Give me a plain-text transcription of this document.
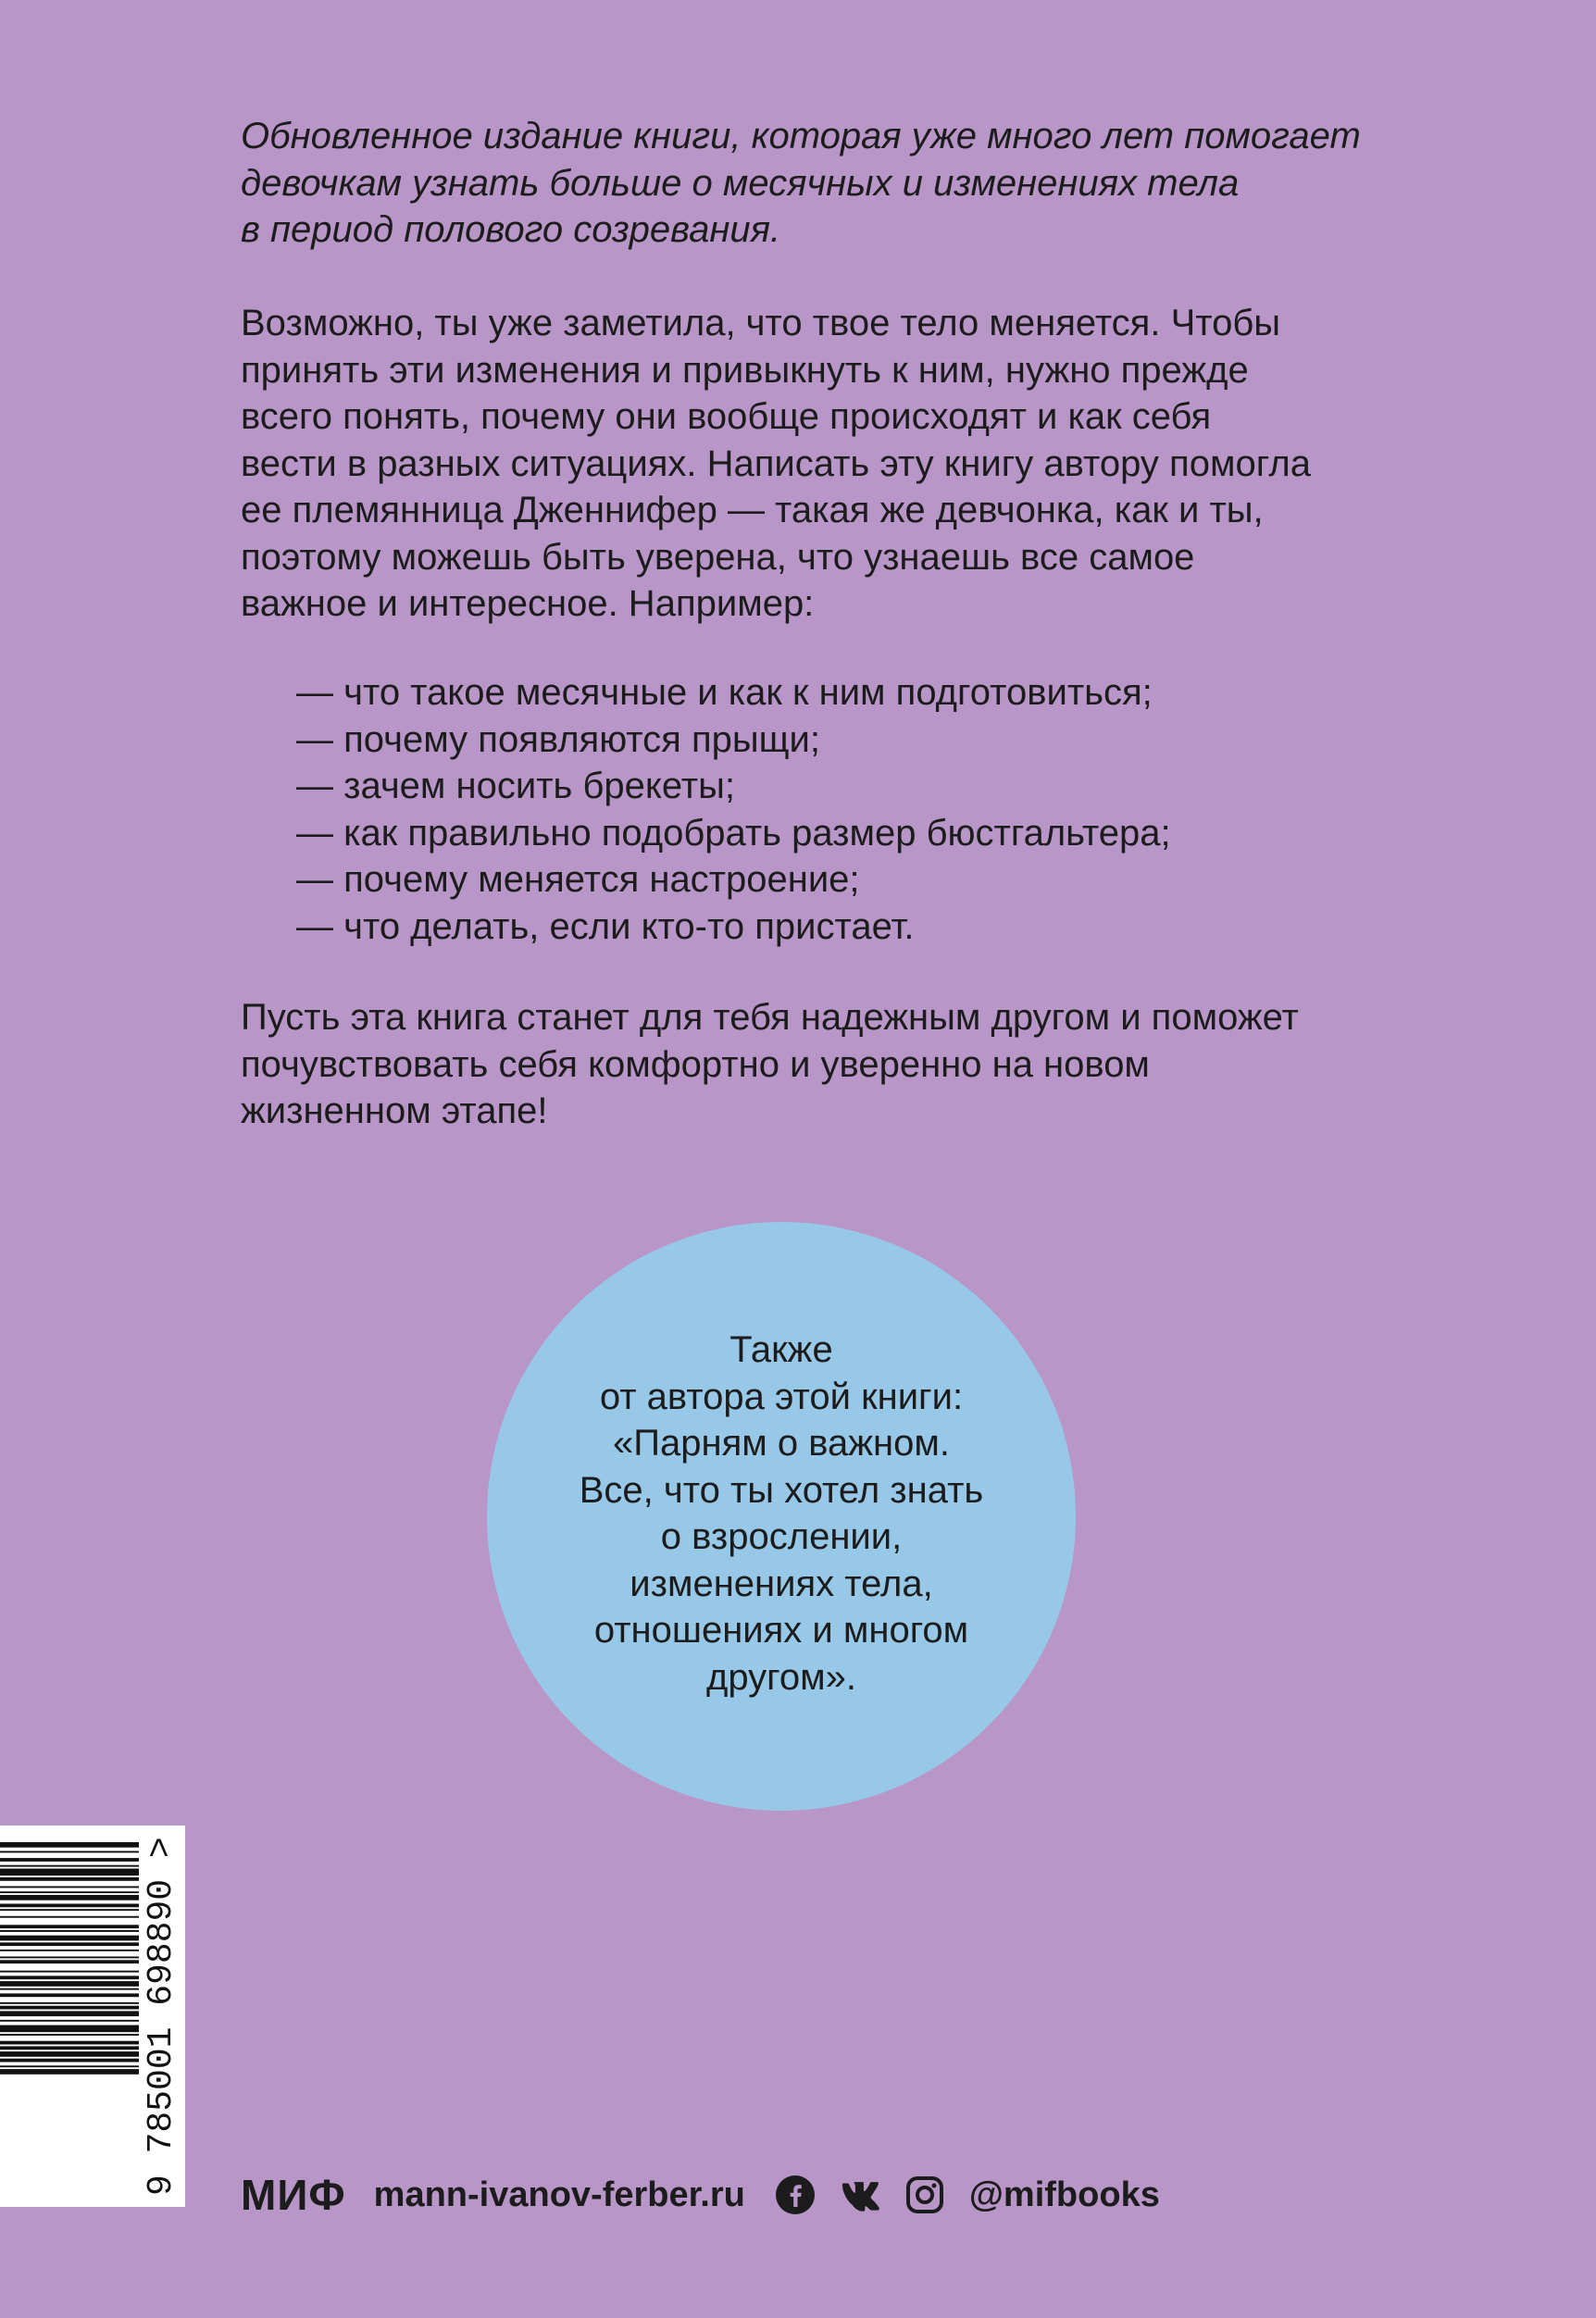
Обновленное издание книги, которая уже много лет помогает

девочкам узнать больше о месячных и изменениях тела

в период полового созревания.

Возможно, ты уже заметила, что твое тело меняется. Чтобы

принять эти изменения и привыкнуть к ним, нужно прежде

всего понять, почему они вообще происходят и как себя

вести в разных ситуациях. Написать эту книгу автору помогла

ее племянница Дженнифер — такая же девчонка, как и ты,

поэтому можешь быть уверена, что узнаешь все самое

важное и интересное. Например:

— что такое месячные и как к ним подготовиться;
— почему появляются прыщи;
— зачем носить брекеты;
— как правильно подобрать размер бюстгальтера;
— почему меняется настроение;
— что делать, если кто-то пристает.

Пусть эта книга станет для тебя надежным другом и поможет

почувствовать себя комфортно и уверенно на новом

жизненном этапе!

Также
от автора этой книги:
«Парням о важном.
Все, что ты хотел знать
о взрослении,
изменениях тела,
отношениях и многом
другом».
9 785001 698890 > МИФ mann-ivanov-ferber.ru	@mifbooks
